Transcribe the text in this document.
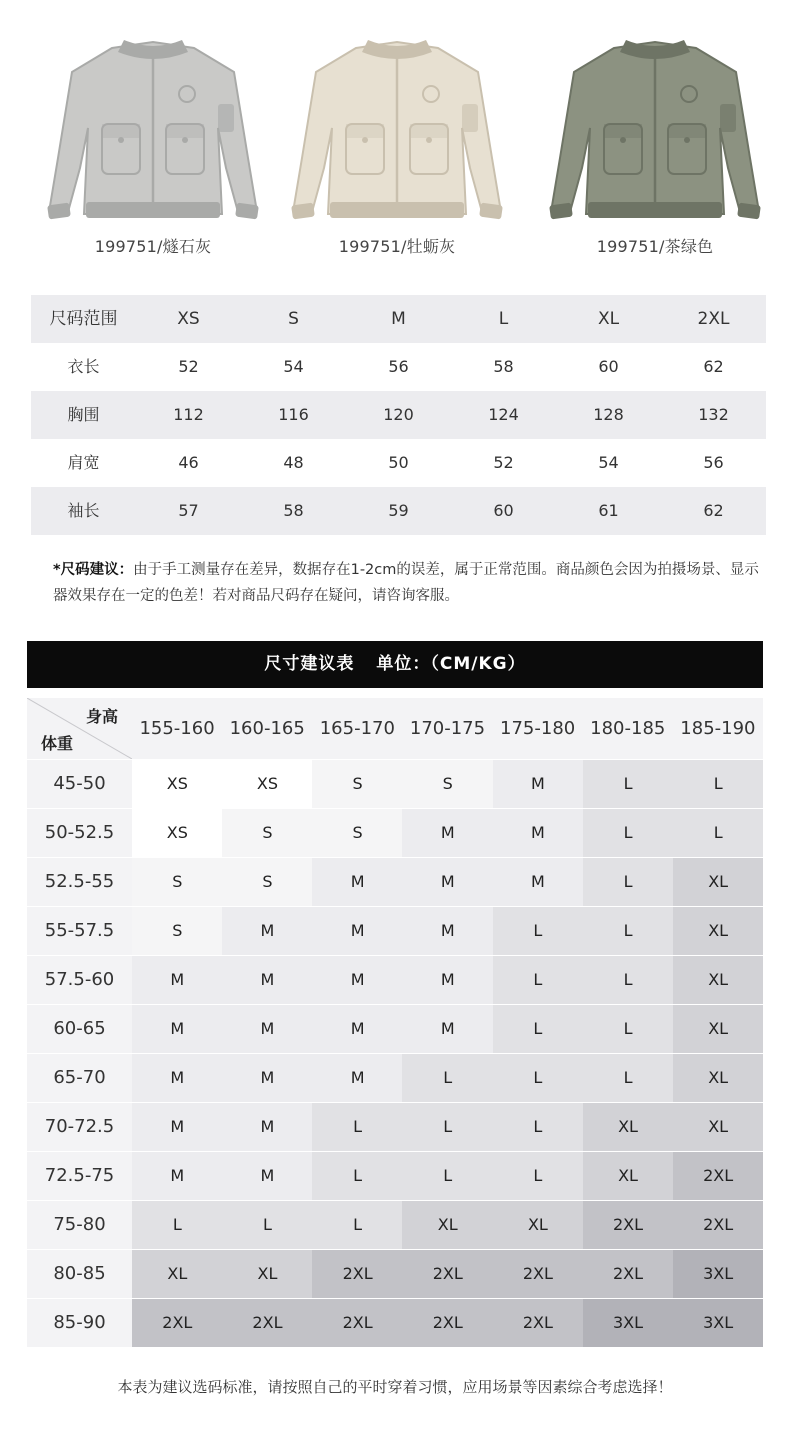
199751/燧石灰	199751/牡蛎灰	199751/茶绿色
尺码范围	XS	S	M	L	XL	2XL
衣长	52	54	56	58	60	62
胸围	112	116	120	124	128	132
肩宽	46	48	50	52	54	56
袖长	57	58	59	60	61	62
*尺码建议：由于手工测量存在差异，数据存在1-2cm的误差，属于正常范围。商品颜色会因为拍摄场景、显示器效果存在一定的色差！若对商品尺码存在疑问，请咨询客服。
尺寸建议表 单位：（CM/KG）
身高
体重
155-160 160-165 165-170 170-175 175-180 180-185 185-190
45-50	XS	XS	S	S	M	L	L
50-52.5	XS	S	S	M	M	L	L
52.5-55	S	S	M	M	M	L	XL
55-57.5	S	M	M	M	L	L	XL
57.5-60	M	M	M	M	L	L	XL
60-65	M	M	M	M	L	L	XL
65-70	M	M	M	L	L	L	XL
70-72.5	M	M	L	L	L	XL	XL
72.5-75	M	M	L	L	L	XL	2XL
75-80	L	L	L	XL	XL	2XL	2XL
80-85	XL	XL	2XL	2XL	2XL	2XL	3XL
85-90	2XL	2XL	2XL	2XL	2XL	3XL	3XL
本表为建议选码标准，请按照自己的平时穿着习惯，应用场景等因素综合考虑选择！
